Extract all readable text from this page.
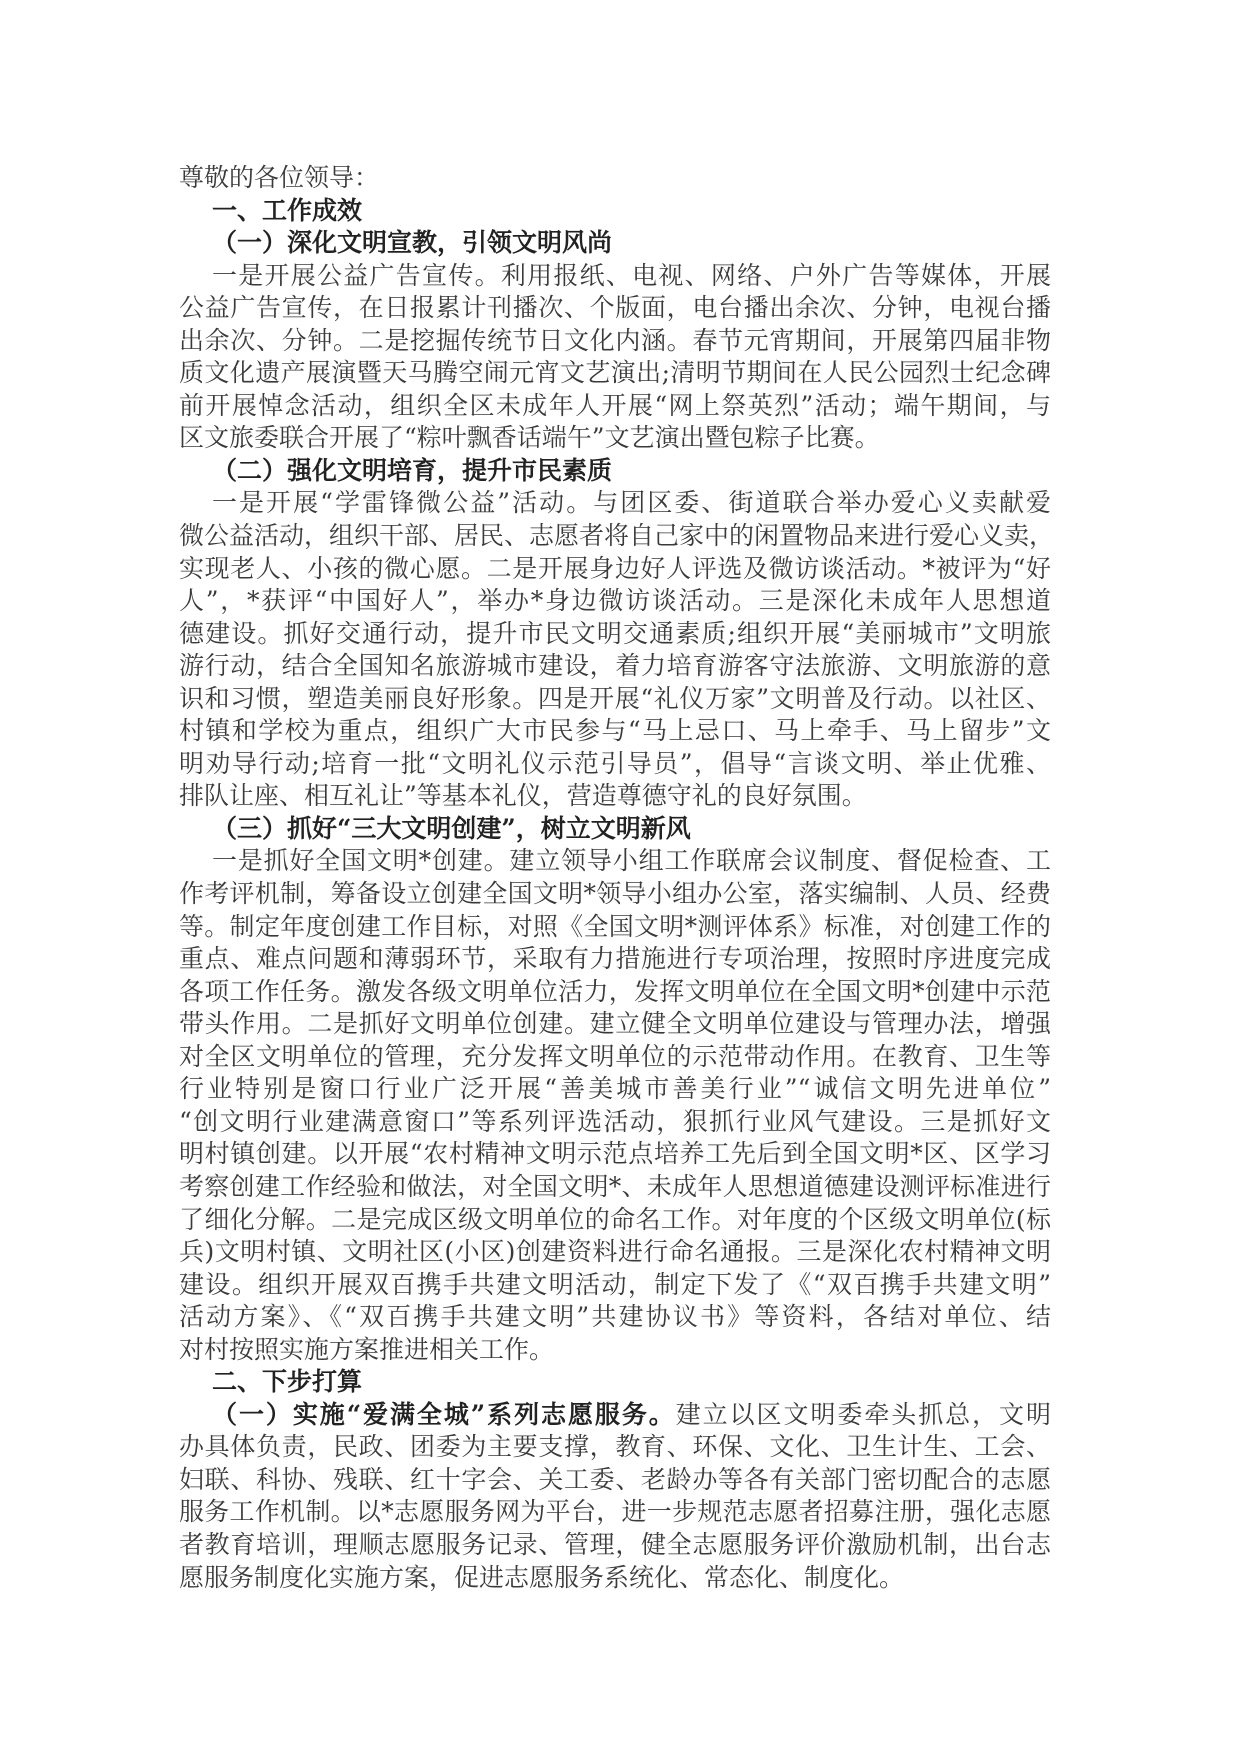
尊敬的各位领导：
一、工作成效
（一）深化文明宣教，引领文明风尚
一是开展公益广告宣传。利用报纸、电视、网络、户外广告等媒体，开展
公益广告宣传，在日报累计刊播次、个版面，电台播出余次、分钟，电视台播
出余次、分钟。二是挖掘传统节日文化内涵。春节元宵期间，开展第四届非物
质文化遗产展演暨天马腾空闹元宵文艺演出;清明节期间在人民公园烈士纪念碑
前开展悼念活动，组织全区未成年人开展“网上祭英烈”活动；端午期间，与
区文旅委联合开展了“粽叶飘香话端午”文艺演出暨包粽子比赛。
（二）强化文明培育，提升市民素质
一是开展“学雷锋微公益”活动。与团区委、街道联合举办爱心义卖献爱
微公益活动，组织干部、居民、志愿者将自己家中的闲置物品来进行爱心义卖，
实现老人、小孩的微心愿。二是开展身边好人评选及微访谈活动。*被评为“好
人”，*获评“中国好人”，举办*身边微访谈活动。三是深化未成年人思想道
德建设。抓好交通行动，提升市民文明交通素质;组织开展“美丽城市”文明旅
游行动，结合全国知名旅游城市建设，着力培育游客守法旅游、文明旅游的意
识和习惯，塑造美丽良好形象。四是开展“礼仪万家”文明普及行动。以社区、
村镇和学校为重点，组织广大市民参与“马上忌口、马上牵手、马上留步”文
明劝导行动;培育一批“文明礼仪示范引导员”，倡导“言谈文明、举止优雅、
排队让座、相互礼让”等基本礼仪，营造尊德守礼的良好氛围。
（三）抓好“三大文明创建”，树立文明新风
一是抓好全国文明*创建。建立领导小组工作联席会议制度、督促检查、工
作考评机制，筹备设立创建全国文明*领导小组办公室，落实编制、人员、经费
等。制定年度创建工作目标，对照《全国文明*测评体系》标准，对创建工作的
重点、难点问题和薄弱环节，采取有力措施进行专项治理，按照时序进度完成
各项工作任务。激发各级文明单位活力，发挥文明单位在全国文明*创建中示范
带头作用。二是抓好文明单位创建。建立健全文明单位建设与管理办法，增强
对全区文明单位的管理，充分发挥文明单位的示范带动作用。在教育、卫生等
行业特别是窗口行业广泛开展“善美城市善美行业”“诚信文明先进单位”
“创文明行业建满意窗口”等系列评选活动，狠抓行业风气建设。三是抓好文
明村镇创建。以开展“农村精神文明示范点培养工先后到全国文明*区、区学习
考察创建工作经验和做法，对全国文明*、未成年人思想道德建设测评标准进行
了细化分解。二是完成区级文明单位的命名工作。对年度的个区级文明单位(标
兵)文明村镇、文明社区(小区)创建资料进行命名通报。三是深化农村精神文明
建设。组织开展双百携手共建文明活动，制定下发了《“双百携手共建文明”
活动方案》、《“双百携手共建文明”共建协议书》等资料，各结对单位、结
对村按照实施方案推进相关工作。
二、下步打算
（一）实施“爱满全城”系列志愿服务。建立以区文明委牵头抓总，文明
办具体负责，民政、团委为主要支撑，教育、环保、文化、卫生计生、工会、
妇联、科协、残联、红十字会、关工委、老龄办等各有关部门密切配合的志愿
服务工作机制。以*志愿服务网为平台，进一步规范志愿者招募注册，强化志愿
者教育培训，理顺志愿服务记录、管理，健全志愿服务评价激励机制，出台志
愿服务制度化实施方案，促进志愿服务系统化、常态化、制度化。
